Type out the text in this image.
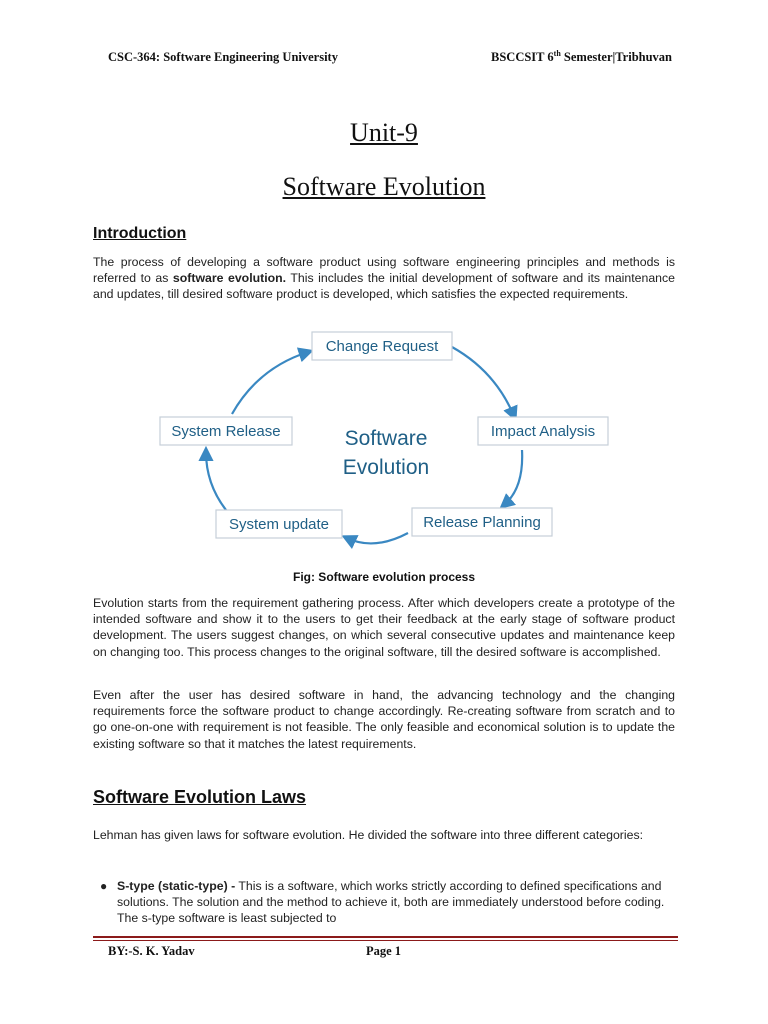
CSC-364: Software Engineering University	BSCCSIT 6th Semester|Tribhuvan
Unit-9
Software Evolution
Introduction

The process of developing a software product using software engineering principles and methods is referred to as software evolution. This includes the initial development of software and its maintenance and updates, till desired software product is developed, which satisfies the expected requirements.

Change Request
Impact Analysis
Release Planning
System update
System Release	Software
Evolution
Fig: Software evolution process

Evolution starts from the requirement gathering process. After which developers create a prototype of the intended software and show it to the users to get their feedback at the early stage of software product development. The users suggest changes, on which several consecutive updates and maintenance keep on changing too. This process changes to the original software, till the desired software is accomplished.

Even after the user has desired software in hand, the advancing technology and the changing requirements force the software product to change accordingly. Re-creating software from scratch and to go one-on-one with requirement is not feasible. The only feasible and economical solution is to update the existing software so that it matches the latest requirements.

Software Evolution Laws

Lehman has given laws for software evolution. He divided the software into three different categories:

● S-type (static-type) - This is a software, which works strictly according to defined specifications and solutions. The solution and the method to achieve it, both are immediately understood before coding. The s-type software is least subjected to
BY:-S. K. Yadav	Page 1
